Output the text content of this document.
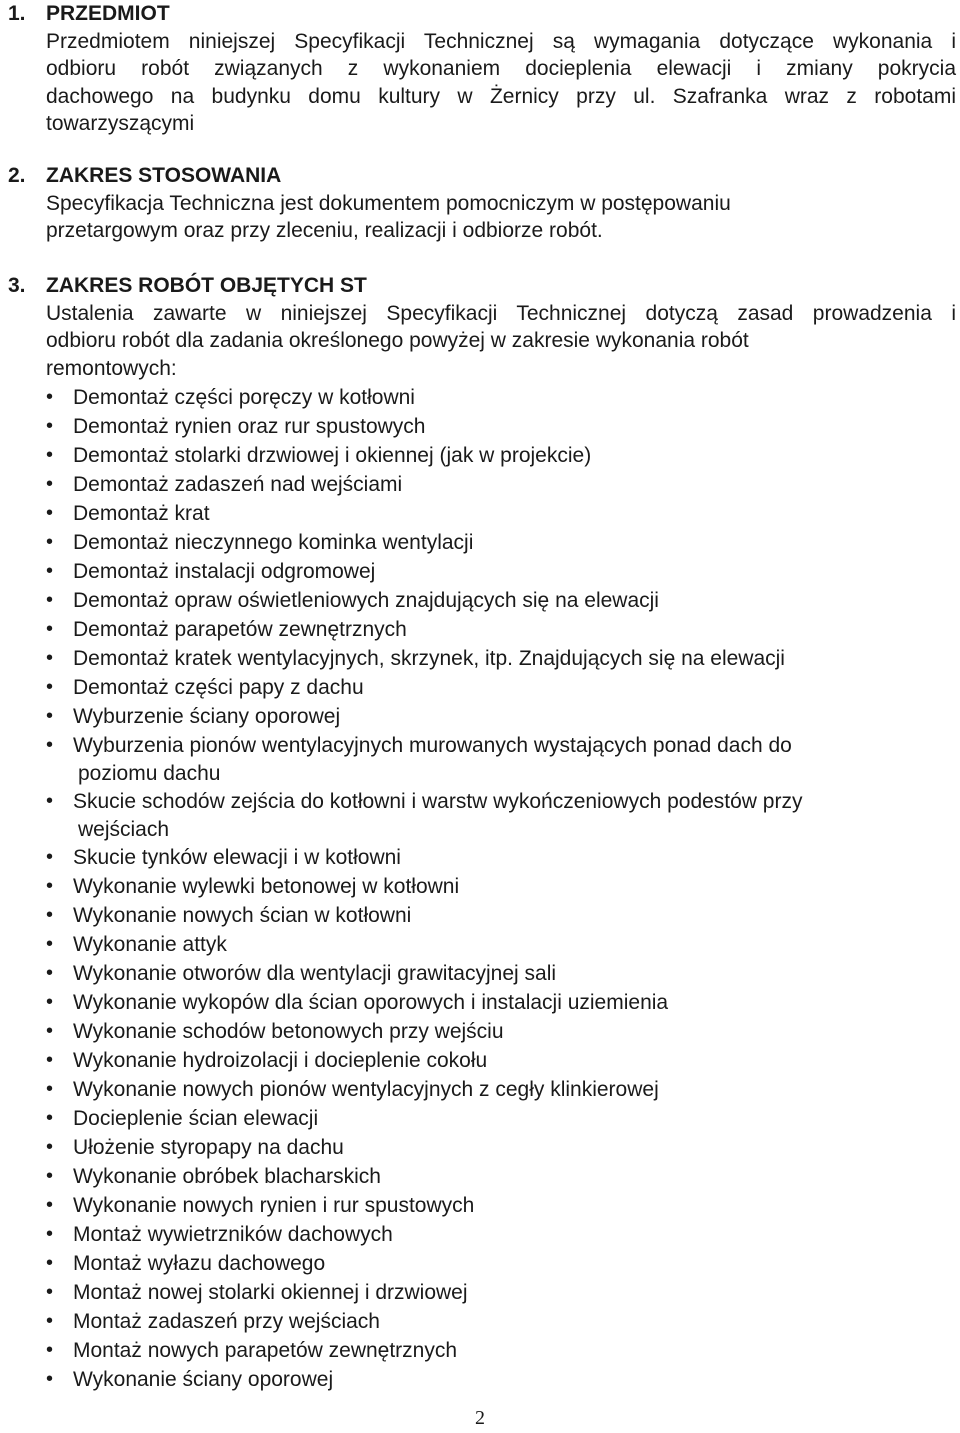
1. PRZEDMIOT
Przedmiotem niniejszej Specyfikacji Technicznej są wymagania dotyczące wykonania i
odbioru robót związanych z wykonaniem docieplenia elewacji i zmiany pokrycia
dachowego na budynku domu kultury w Żernicy przy ul. Szafranka wraz z robotami
towarzyszącymi
2. ZAKRES STOSOWANIA
Specyfikacja Techniczna jest dokumentem pomocniczym w postępowaniu
przetargowym oraz przy zleceniu, realizacji i odbiorze robót.
3. ZAKRES ROBÓT OBJĘTYCH ST
Ustalenia zawarte w niniejszej Specyfikacji Technicznej dotyczą zasad prowadzenia i
odbioru robót dla zadania określonego powyżej w zakresie wykonania robót
remontowych:
• Demontaż części poręczy w kotłowni
• Demontaż rynien oraz rur spustowych
• Demontaż stolarki drzwiowej i okiennej (jak w projekcie)
• Demontaż zadaszeń nad wejściami
• Demontaż krat
• Demontaż nieczynnego kominka wentylacji
• Demontaż instalacji odgromowej
• Demontaż opraw oświetleniowych znajdujących się na elewacji
• Demontaż parapetów zewnętrznych
• Demontaż kratek wentylacyjnych, skrzynek, itp. Znajdujących się na elewacji
• Demontaż części papy z dachu
• Wyburzenie ściany oporowej
• Wyburzenia pionów wentylacyjnych murowanych wystających ponad dach do
poziomu dachu
• Skucie schodów zejścia do kotłowni i warstw wykończeniowych podestów przy
wejściach
• Skucie tynków elewacji i w kotłowni
• Wykonanie wylewki betonowej w kotłowni
• Wykonanie nowych ścian w kotłowni
• Wykonanie attyk
• Wykonanie otworów dla wentylacji grawitacyjnej sali
• Wykonanie wykopów dla ścian oporowych i instalacji uziemienia
• Wykonanie schodów betonowych przy wejściu
• Wykonanie hydroizolacji i docieplenie cokołu
• Wykonanie nowych pionów wentylacyjnych z cegły klinkierowej
• Docieplenie ścian elewacji
• Ułożenie styropapy na dachu
• Wykonanie obróbek blacharskich
• Wykonanie nowych rynien i rur spustowych
• Montaż wywietrzników dachowych
• Montaż wyłazu dachowego
• Montaż nowej stolarki okiennej i drzwiowej
• Montaż zadaszeń przy wejściach
• Montaż nowych parapetów zewnętrznych
• Wykonanie ściany oporowej
2
